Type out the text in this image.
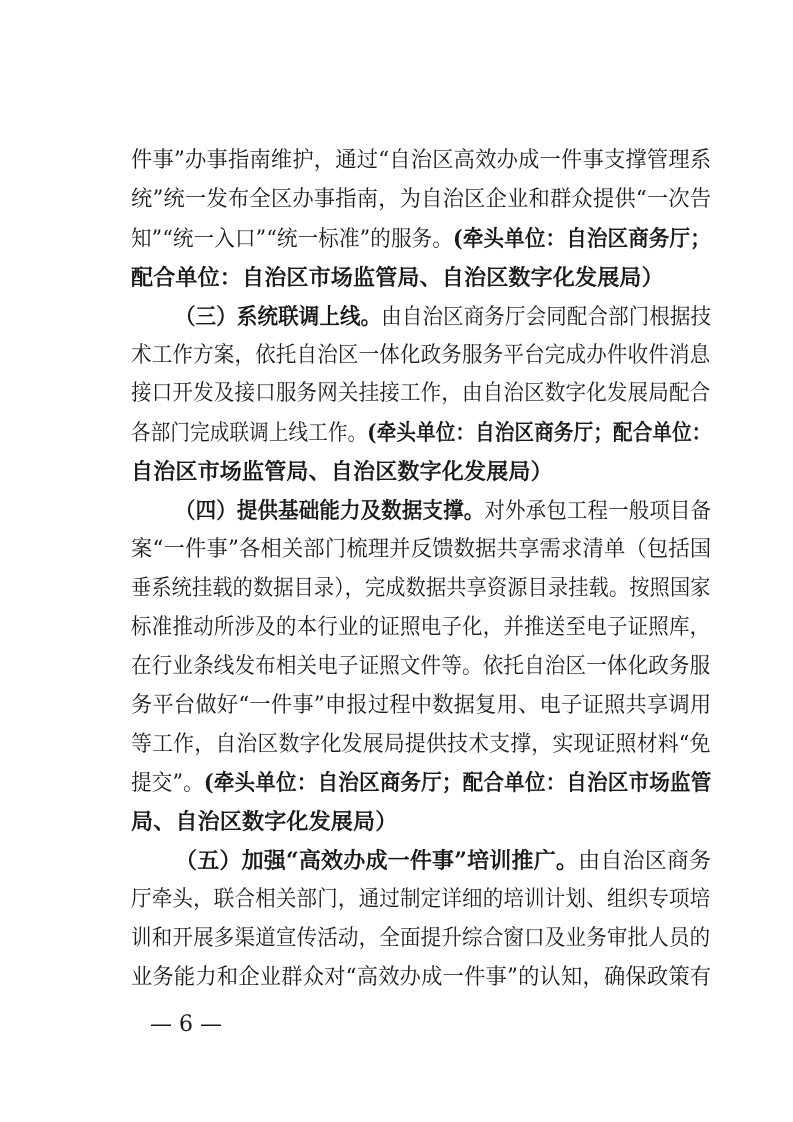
件事”办事指南维护，通过“自治区高效办成一件事支撑管理系
统”统一发布全区办事指南，为自治区企业和群众提供“一次告
知”“统一入口”“统一标准”的服务。(牵头单位：自治区商务厅；
配合单位：自治区市场监管局、自治区数字化发展局）
（三）系统联调上线。由自治区商务厅会同配合部门根据技
术工作方案，依托自治区一体化政务服务平台完成办件收件消息
接口开发及接口服务网关挂接工作，由自治区数字化发展局配合
各部门完成联调上线工作。(牵头单位：自治区商务厅；配合单位：
自治区市场监管局、自治区数字化发展局）
（四）提供基础能力及数据支撑。对外承包工程一般项目备
案“一件事”各相关部门梳理并反馈数据共享需求清单（包括国
垂系统挂载的数据目录），完成数据共享资源目录挂载。按照国家
标准推动所涉及的本行业的证照电子化，并推送至电子证照库，
在行业条线发布相关电子证照文件等。依托自治区一体化政务服
务平台做好“一件事”申报过程中数据复用、电子证照共享调用
等工作，自治区数字化发展局提供技术支撑，实现证照材料“免
提交”。(牵头单位：自治区商务厅；配合单位：自治区市场监管
局、自治区数字化发展局）
（五）加强“高效办成一件事”培训推广。由自治区商务
厅牵头，联合相关部门，通过制定详细的培训计划、组织专项培
训和开展多渠道宣传活动，全面提升综合窗口及业务审批人员的
业务能力和企业群众对“高效办成一件事”的认知，确保政策有
— 6 —
